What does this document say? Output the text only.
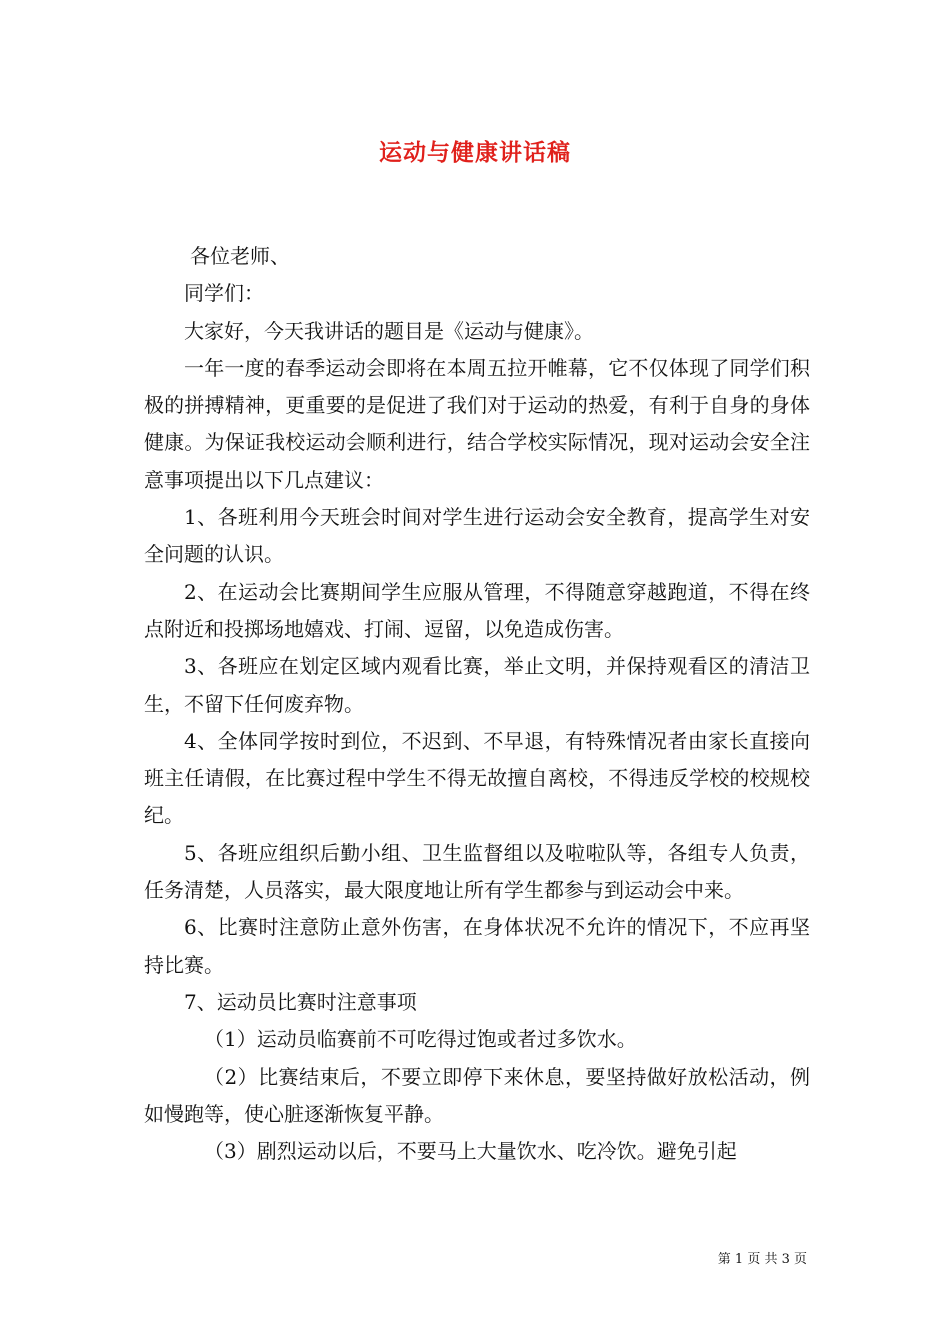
运动与健康讲话稿

各位老师、

同学们：

大家好，今天我讲话的题目是《运动与健康》。

一年一度的春季运动会即将在本周五拉开帷幕，它不仅体现了同学们积极的拼搏精神，更重要的是促进了我们对于运动的热爱，有利于自身的身体健康。为保证我校运动会顺利进行，结合学校实际情况，现对运动会安全注意事项提出以下几点建议：

1、各班利用今天班会时间对学生进行运动会安全教育，提高学生对安全问题的认识。

2、在运动会比赛期间学生应服从管理，不得随意穿越跑道，不得在终点附近和投掷场地嬉戏、打闹、逗留，以免造成伤害。

3、各班应在划定区域内观看比赛，举止文明，并保持观看区的清洁卫生，不留下任何废弃物。

4、全体同学按时到位，不迟到、不早退，有特殊情况者由家长直接向班主任请假，在比赛过程中学生不得无故擅自离校，不得违反学校的校规校纪。

5、各班应组织后勤小组、卫生监督组以及啦啦队等，各组专人负责，任务清楚，人员落实，最大限度地让所有学生都参与到运动会中来。

6、比赛时注意防止意外伤害，在身体状况不允许的情况下，不应再坚持比赛。

7、运动员比赛时注意事项

（1）运动员临赛前不可吃得过饱或者过多饮水。

（2）比赛结束后，不要立即停下来休息，要坚持做好放松活动，例如慢跑等，使心脏逐渐恢复平静。

（3）剧烈运动以后，不要马上大量饮水、吃冷饮。避免引起

第 1 页 共 3 页
